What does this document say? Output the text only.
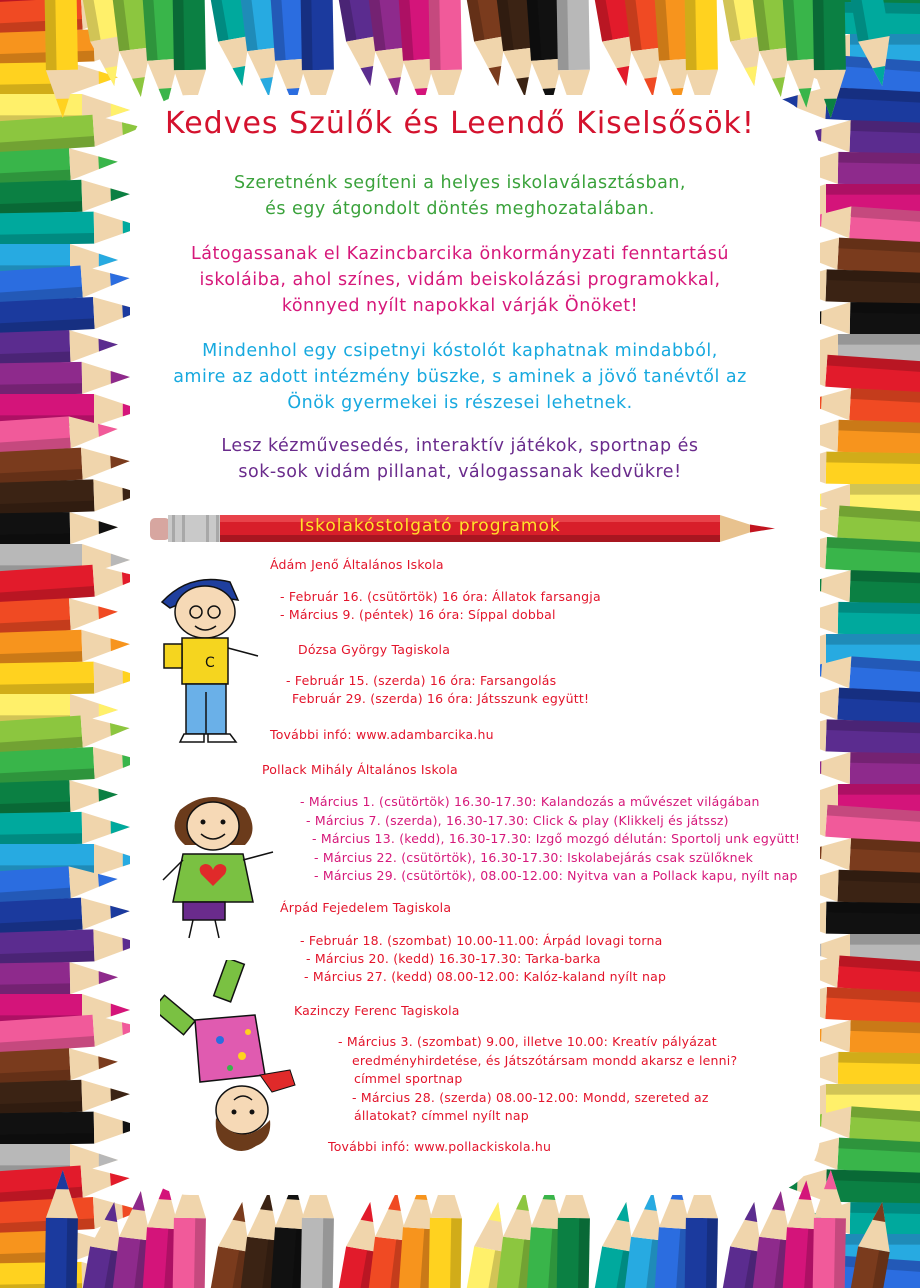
Kedves Szülők és Leendő Kiselsősök!
Szeretnénk segíteni a helyes iskolaválasztásban,
és egy átgondolt döntés meghozatalában.
Látogassanak el Kazincbarcika önkormányzati fenntartású
iskoláiba, ahol színes, vidám beiskolázási programokkal,
könnyed nyílt napokkal várják Önöket!
Mindenhol egy csipetnyi kóstolót kaphatnak mindabból,
amire az adott intézmény büszke, s aminek a jövő tanévtől az
Önök gyermekei is részesei lehetnek.
Lesz kézművesedés, interaktív játékok, sportnap és
sok-sok vidám pillanat, válogassanak kedvükre!
Iskolakóstolgató programok
Ádám Jenő Általános Iskola
- Február 16. (csütörtök) 16 óra: Állatok farsangja
- Március 9. (péntek) 16 óra: Síppal dobbal
Dózsa György Tagiskola
- Február 15. (szerda) 16 óra: Farsangolás
Február 29. (szerda) 16 óra: Játsszunk együtt!
További infó: www.adambarcika.hu
Pollack Mihály Általános Iskola
- Március 1. (csütörtök) 16.30-17.30: Kalandozás a művészet világában
- Március 7. (szerda), 16.30-17.30: Click & play (Klikkelj és játssz)
- Március 13. (kedd), 16.30-17.30: Izgő mozgó délután: Sportolj unk együtt!
- Március 22. (csütörtök), 16.30-17.30: Iskolabejárás csak szülőknek
- Március 29. (csütörtök), 08.00-12.00: Nyitva van a Pollack kapu, nyílt nap
Árpád Fejedelem Tagiskola
- Február 18. (szombat) 10.00-11.00: Árpád lovagi torna
- Március 20. (kedd) 16.30-17.30: Tarka-barka
- Március 27. (kedd) 08.00-12.00: Kalóz-kaland nyílt nap
Kazinczy Ferenc Tagiskola
- Március 3. (szombat) 9.00, illetve 10.00: Kreatív pályázat
eredményhirdetése, és Játszótársam mondd akarsz e lenni?
címmel sportnap
- Március 28. (szerda) 08.00-12.00: Mondd, szereted az
állatokat? címmel nyílt nap
További infó: www.pollackiskola.hu
C
